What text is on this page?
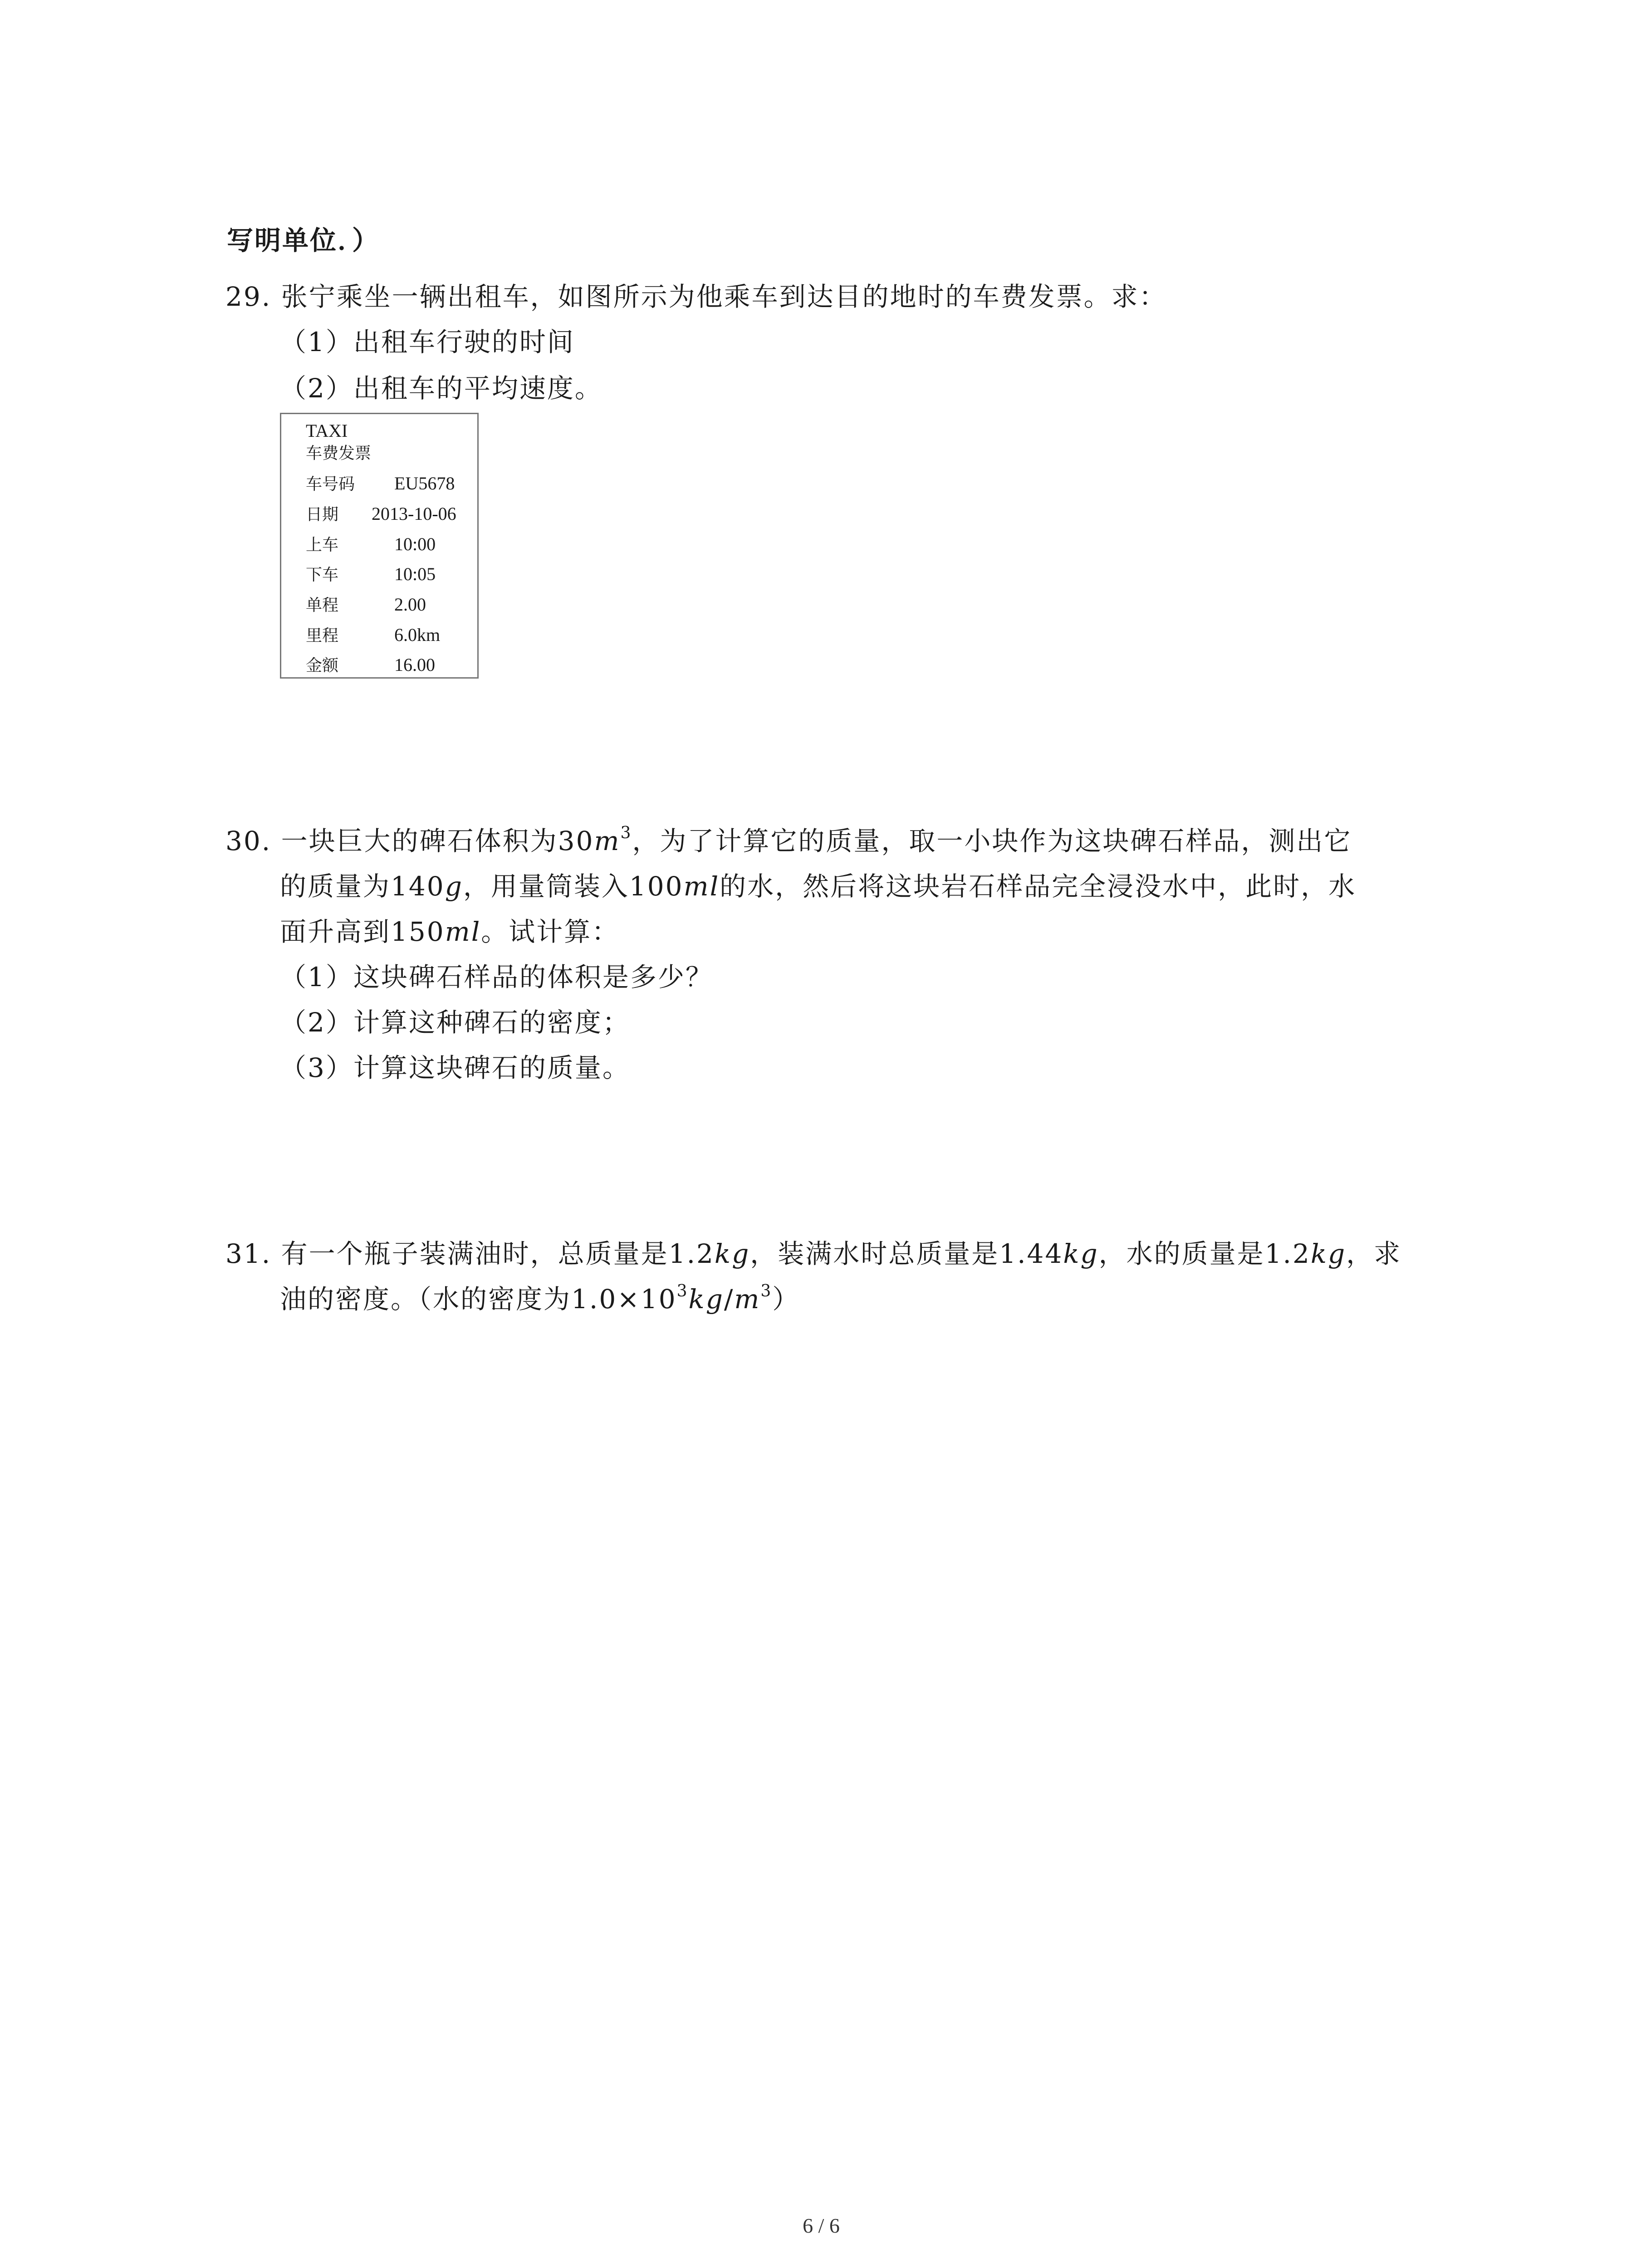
写明单位．）
29. 张宁乘坐一辆出租车，如图所示为他乘车到达目的地时的车费发票。求：
（1）出租车行驶的时间
（2）出租车的平均速度。
TAXI
车费发票
车号码 EU5678
日期 2013-10-06
上车	10:00
下车	10:05
单程	2.00
里程	6.0km
金额	16.00
30. 一块巨大的碑石体积为$30m^3$，为了计算它的质量，取一小块作为这块碑石样品，测出它
的质量为140g，用量筒装入100ml的水，然后将这块岩石样品完全浸没水中，此时，水
面升高到150ml。试计算：
（1）这块碑石样品的体积是多少？
（2）计算这种碑石的密度；
（3）计算这块碑石的质量。
31. 有一个瓶子装满油时，总质量是1.2kg，装满水时总质量是1.44kg，水的质量是1.2kg，求
油的密度。（水的密度为$1.0\times 10^3kg/m^3$）
6 / 6
